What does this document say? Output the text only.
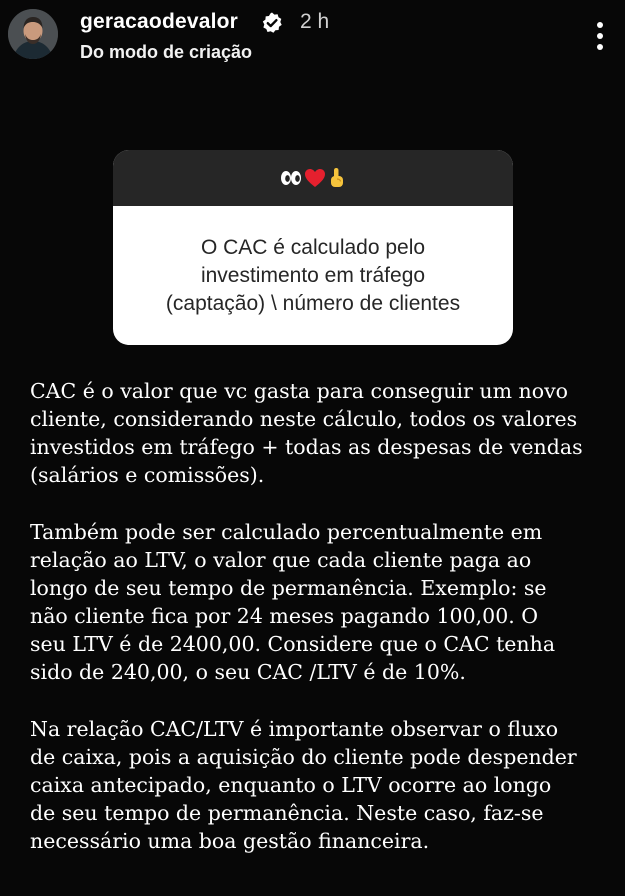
geracaodevalor	2 h
Do modo de criação
O CAC é calculado pelo
investimento em tráfego
(captação) \ número de clientes

CAC é o valor que vc gasta para conseguir um novo
cliente, considerando neste cálculo, todos os valores
investidos em tráfego + todas as despesas de vendas
(salários e comissões).

Também pode ser calculado percentualmente em
relação ao LTV, o valor que cada cliente paga ao
longo de seu tempo de permanência. Exemplo: se
não cliente fica por 24 meses pagando 100,00. O
seu LTV é de 2400,00. Considere que o CAC tenha
sido de 240,00, o seu CAC /LTV é de 10%.

Na relação CAC/LTV é importante observar o fluxo
de caixa, pois a aquisição do cliente pode despender
caixa antecipado, enquanto o LTV ocorre ao longo
de seu tempo de permanência. Neste caso, faz-se
necessário uma boa gestão financeira.
